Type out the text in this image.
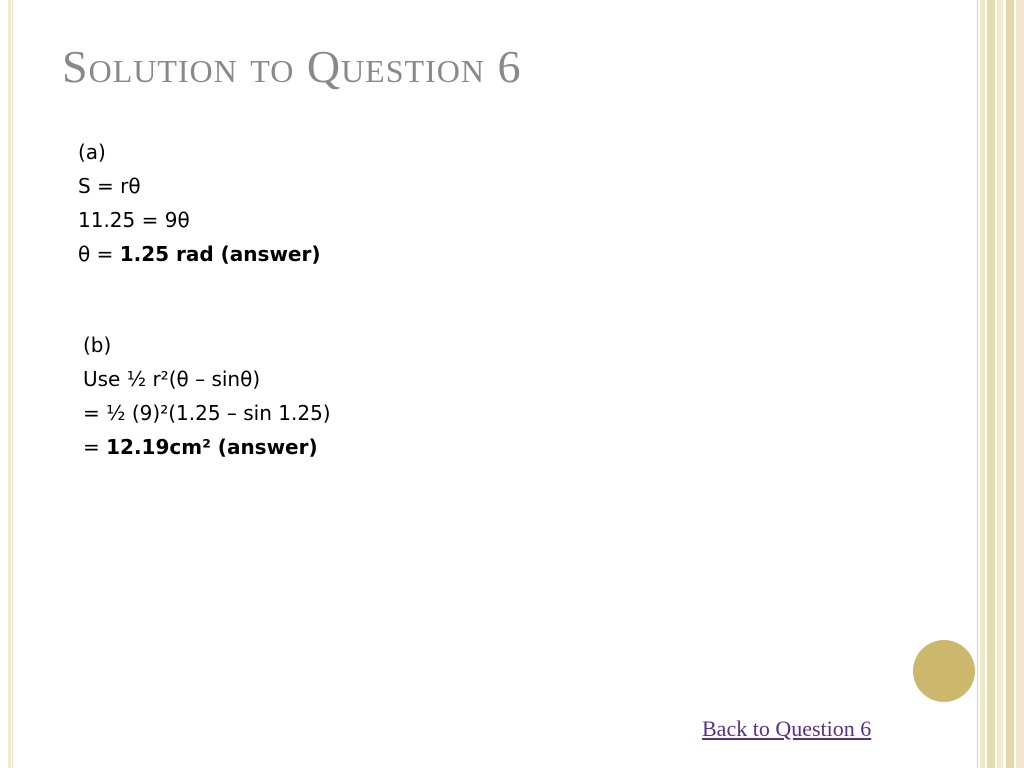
Solution to Question 6
(a)
S = rθ
11.25 = 9θ
θ = 1.25 rad (answer)
(b)
Use ½ r²(θ – sinθ)
= ½ (9)²(1.25 – sin 1.25)
= 12.19cm² (answer)
Back to Question 6
